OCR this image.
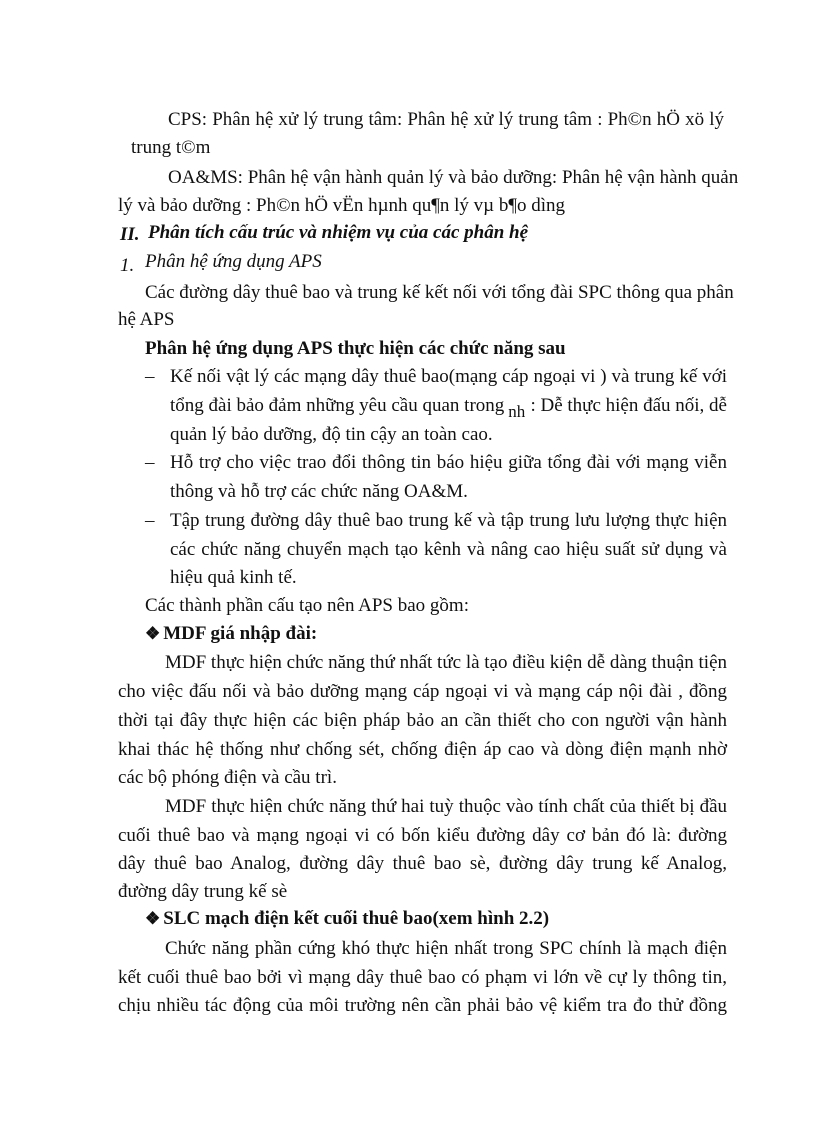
CPS: Phân hệ xử lý trung tâm: Phân hệ xử lý trung tâm : Ph©n hÖ xö lý
trung t©m
OA&MS: Phân hệ vận hành quản lý và bảo dưỡng: Phân hệ vận hành quản
lý và bảo dưỡng : Ph©n hÖ vËn hµnh qu¶n lý vµ b¶o dìng
II. Phân tích cấu trúc và nhiệm vụ của các phân hệ
1. Phân hệ ứng dụng APS
Các đường dây thuê bao và trung kế kết nối với tổng đài SPC thông qua phân
hệ APS
Phân hệ ứng dụng APS thực hiện các chức năng sau
– Kế nối vật lý các mạng dây thuê bao(mạng cáp ngoại vi ) và trung kế với
tổng đài bảo đảm những yêu cầu quan trong nh : Dễ thực hiện đấu nối, dễ
quản lý bảo dưỡng, độ tin cậy an toàn cao.
– Hỗ trợ cho việc trao đổi thông tin báo hiệu giữa tổng đài với mạng viễn
thông và hỗ trợ các chức năng OA&M.
– Tập trung đường dây thuê bao trung kế và tập trung lưu lượng thực hiện
các chức năng chuyển mạch tạo kênh và nâng cao hiệu suất sử dụng và
hiệu quả kinh tế.
Các thành phần cấu tạo nên APS bao gồm:
❖ MDF giá nhập đài:
MDF thực hiện chức năng thứ nhất tức là tạo điều kiện dễ dàng thuận tiện
cho việc đấu nối và bảo dưỡng mạng cáp ngoại vi và mạng cáp nội đài , đồng
thời tại đây thực hiện các biện pháp bảo an cần thiết cho con người vận hành
khai thác hệ thống như chống sét, chống điện áp cao và dòng điện mạnh nhờ
các bộ phóng điện và cầu trì.
MDF thực hiện chức năng thứ hai tuỳ thuộc vào tính chất của thiết bị đầu
cuối thuê bao và mạng ngoại vi có bốn kiểu đường dây cơ bản đó là: đường
dây thuê bao Analog, đường dây thuê bao sè, đường dây trung kế Analog,
đường dây trung kế sè
❖ SLC mạch điện kết cuối thuê bao(xem hình 2.2)
Chức năng phần cứng khó thực hiện nhất trong SPC chính là mạch điện
kết cuối thuê bao bởi vì mạng dây thuê bao có phạm vi lớn về cự ly thông tin,
chịu nhiều tác động của môi trường nên cần phải bảo vệ kiểm tra đo thử đồng
